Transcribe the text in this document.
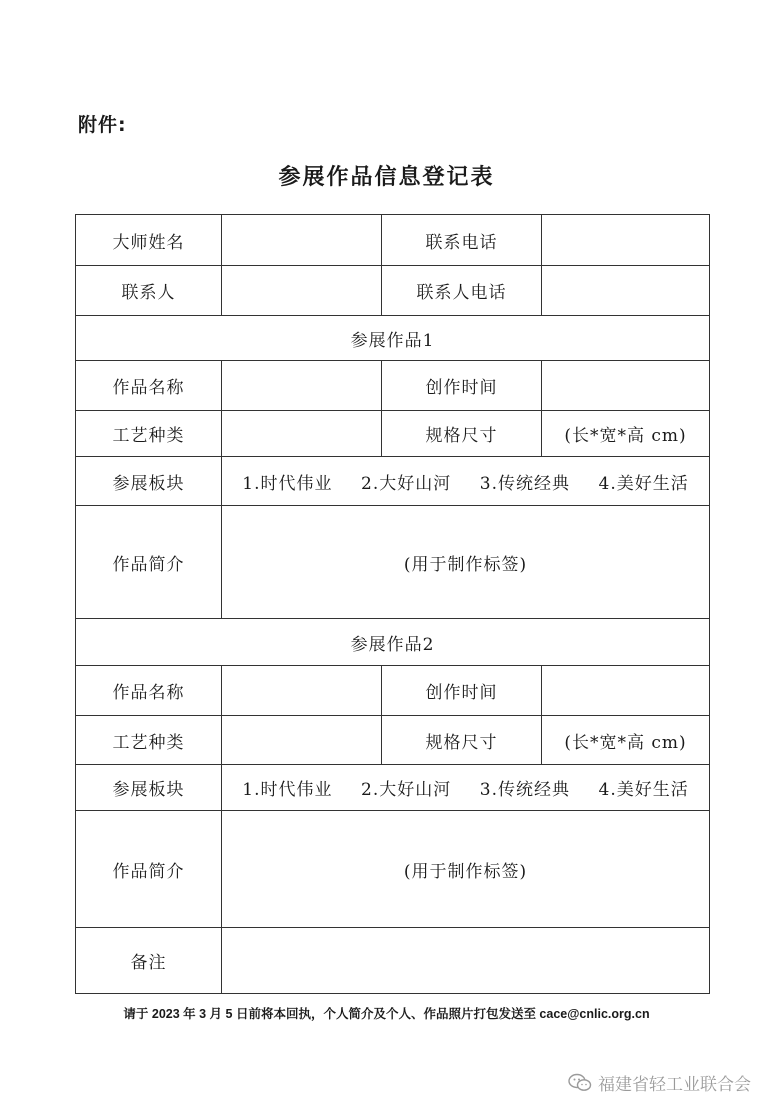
附件:
参展作品信息登记表
大师姓名		联系电话	
联系人		联系人电话	
参展作品1			
作品名称		创作时间	
工艺种类		规格尺寸	(长*宽*高 cm)
参展板块	1.时代伟业 2.大好山河 3.传统经典 4.美好生活		

作品简介	(用于制作标签)		
参展作品2			
作品名称		创作时间	
工艺种类		规格尺寸	(长*宽*高 cm)
参展板块	1.时代伟业 2.大好山河 3.传统经典 4.美好生活		

作品简介	(用于制作标签)		
备注			
请于 2023 年 3 月 5 日前将本回执，个人简介及个人、作品照片打包发送至 cace@cnlic.org.cn
福建省轻工业联合会
